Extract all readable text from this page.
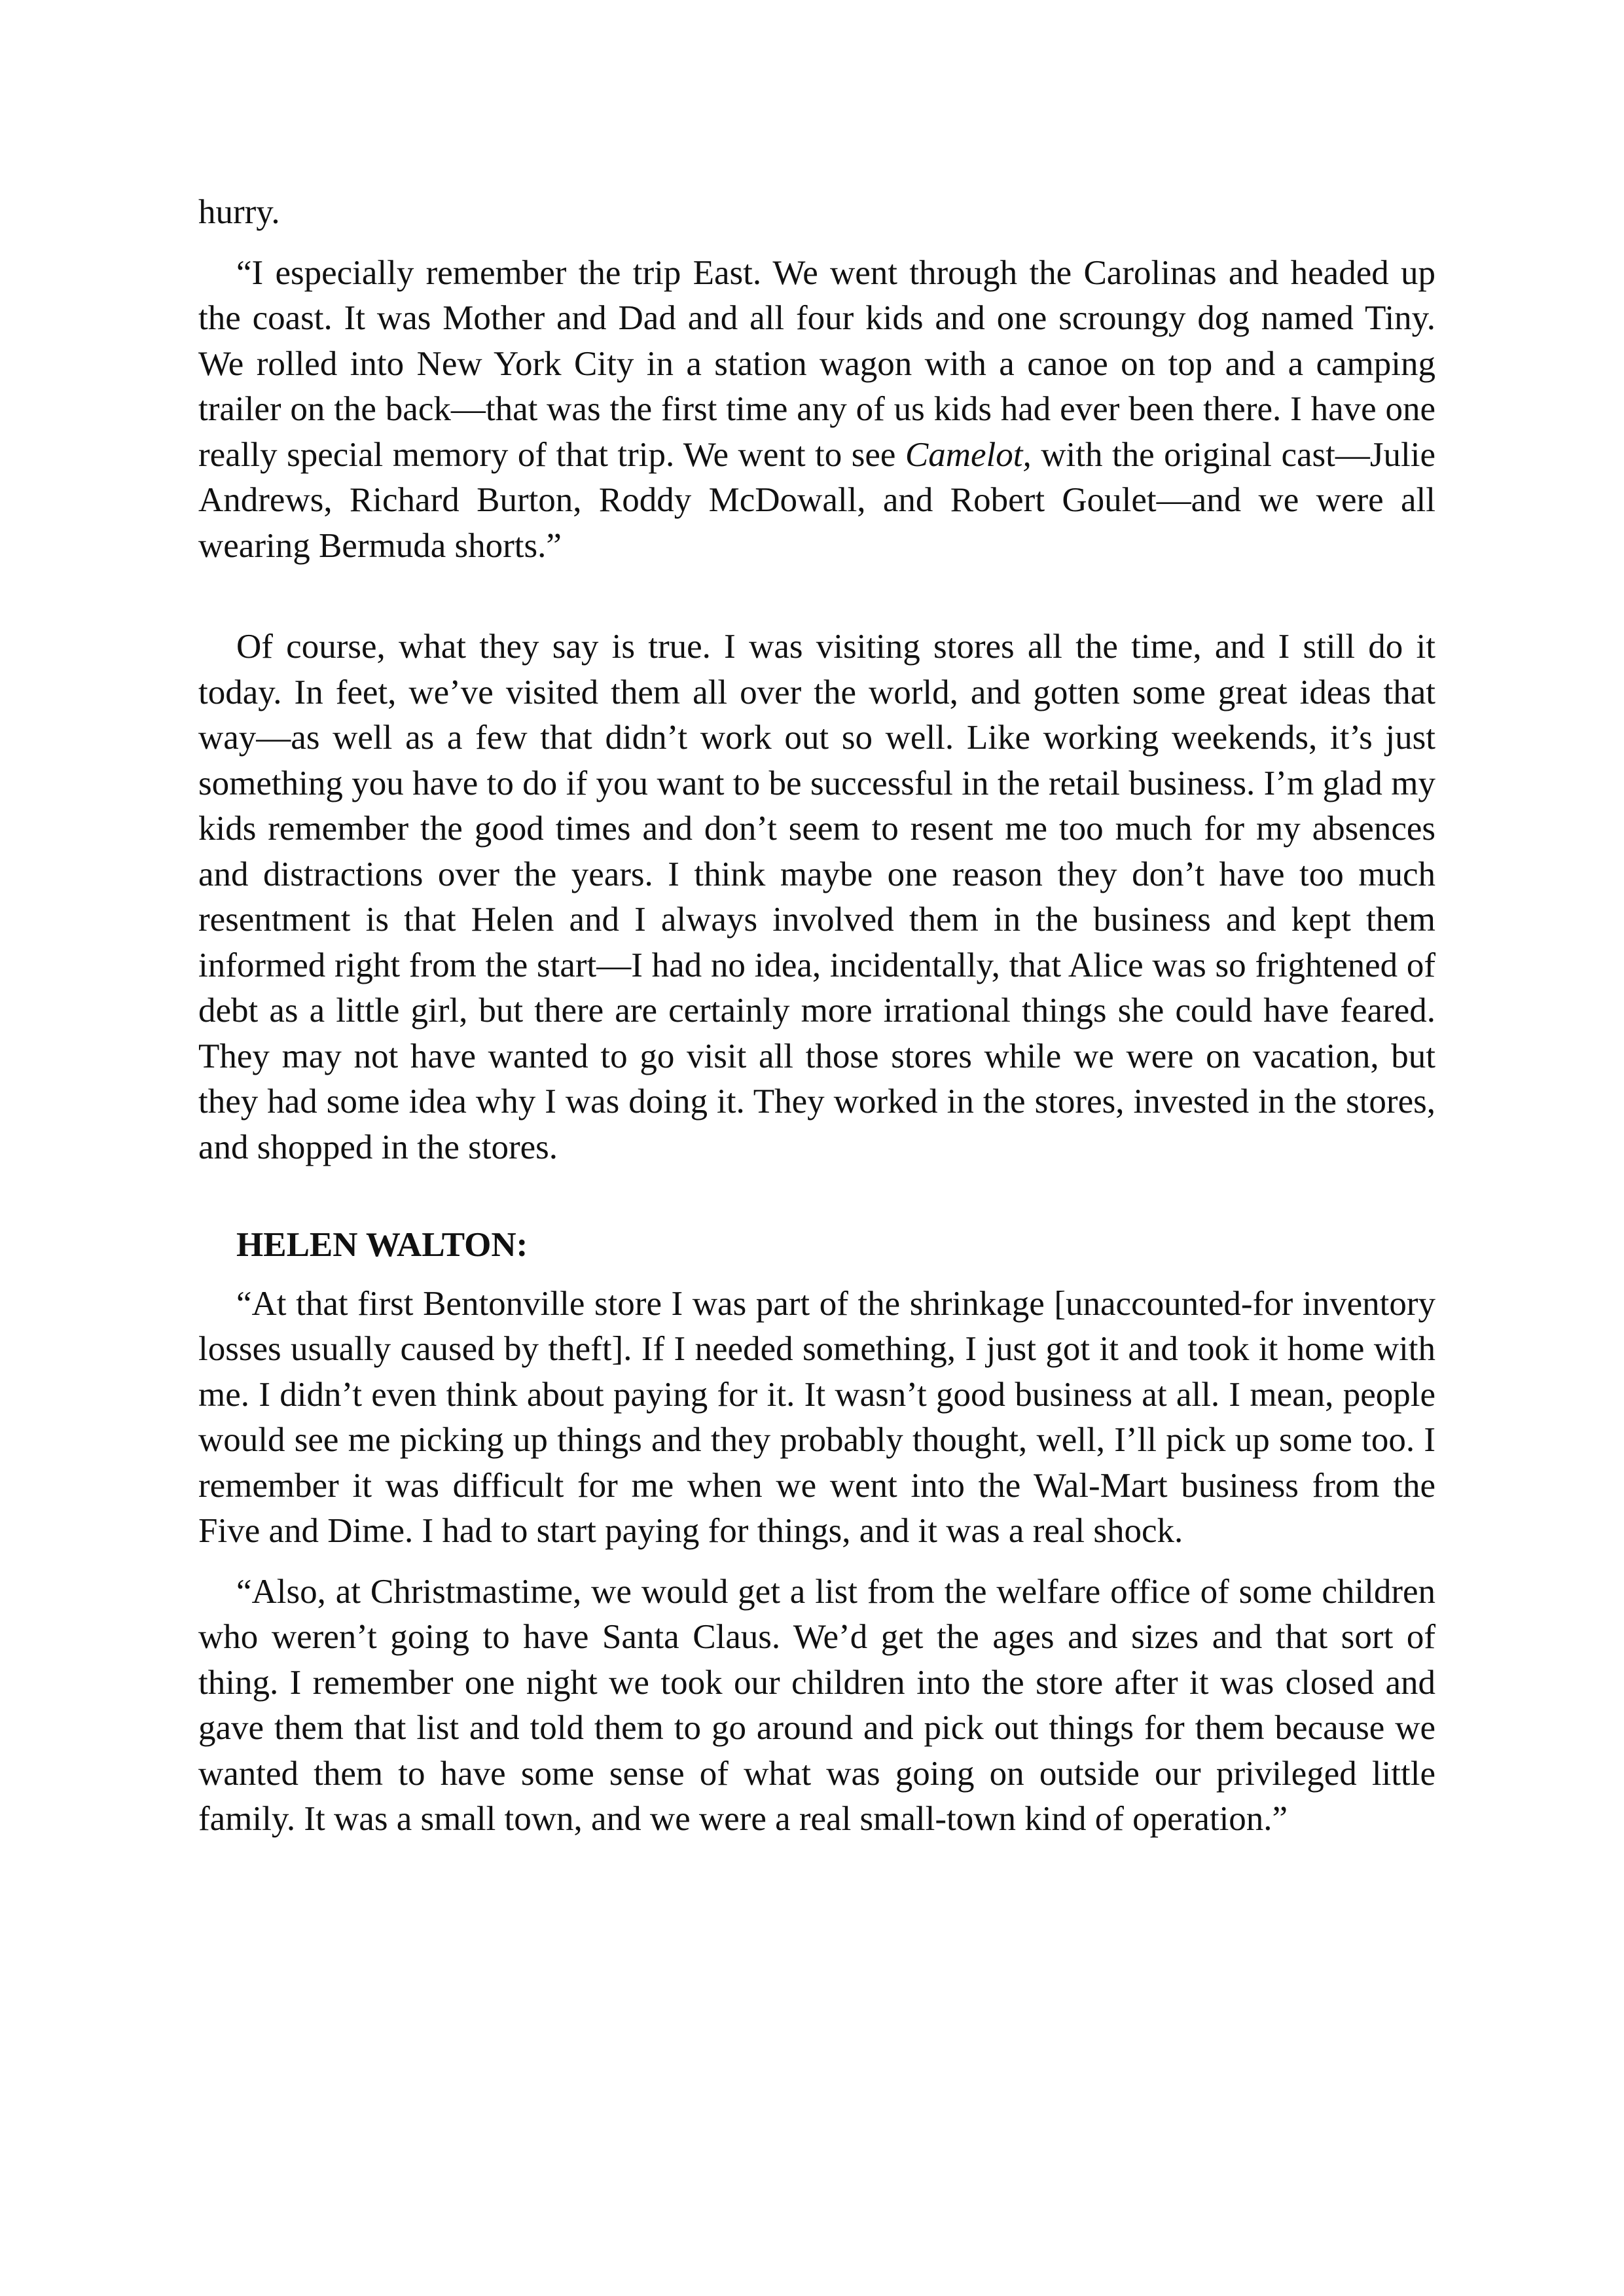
hurry.

“I especially remember the trip East. We went through the Carolinas and headed up the coast. It was Mother and Dad and all four kids and one scroungy dog named Tiny. We rolled into New York City in a station wagon with a canoe on top and a camping trailer on the back—that was the first time any of us kids had ever been there. I have one really special memory of that trip. We went to see Camelot, with the original cast—Julie Andrews, Richard Burton, Roddy McDowall, and Robert Goulet—and we were all wearing Bermuda shorts.”

Of course, what they say is true. I was visiting stores all the time, and I still do it today. In feet, we’ve visited them all over the world, and gotten some great ideas that way—as well as a few that didn’t work out so well. Like working weekends, it’s just something you have to do if you want to be successful in the retail business. I’m glad my kids remember the good times and don’t seem to resent me too much for my absences and distractions over the years. I think maybe one reason they don’t have too much resentment is that Helen and I always involved them in the business and kept them informed right from the start—I had no idea, incidentally, that Alice was so frightened of debt as a little girl, but there are certainly more irrational things she could have feared. They may not have wanted to go visit all those stores while we were on vacation, but they had some idea why I was doing it. They worked in the stores, invested in the stores, and shopped in the stores.

HELEN WALTON:

“At that first Bentonville store I was part of the shrinkage [unaccounted-for inventory losses usually caused by theft]. If I needed something, I just got it and took it home with me. I didn’t even think about paying for it. It wasn’t good business at all. I mean, people would see me picking up things and they probably thought, well, I’ll pick up some too. I remember it was difficult for me when we went into the Wal-Mart business from the Five and Dime. I had to start paying for things, and it was a real shock.

“Also, at Christmastime, we would get a list from the welfare office of some children who weren’t going to have Santa Claus. We’d get the ages and sizes and that sort of thing. I remember one night we took our children into the store after it was closed and gave them that list and told them to go around and pick out things for them because we wanted them to have some sense of what was going on outside our privileged little family. It was a small town, and we were a real small-town kind of operation.”
